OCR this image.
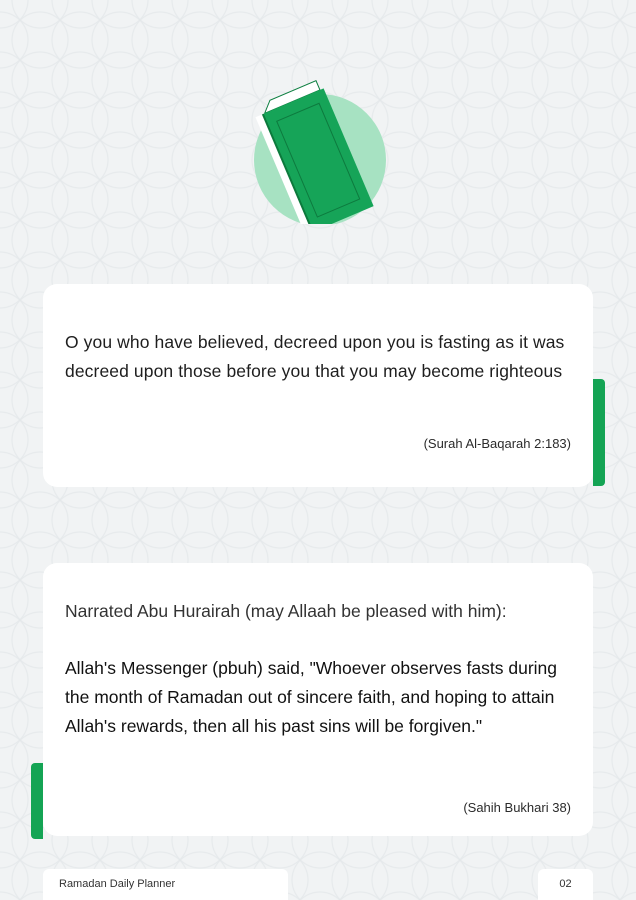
O you who have believed, decreed upon you is fasting as it was decreed upon those before you that you may become righteous

(Surah Al-Baqarah 2:183)

Narrated Abu Hurairah (may Allaah be pleased with him):

Allah's Messenger (pbuh) said, "Whoever observes fasts during the month of Ramadan out of sincere faith, and hoping to attain Allah's rewards, then all his past sins will be forgiven."

(Sahih Bukhari 38)
Ramadan Daily Planner	02
